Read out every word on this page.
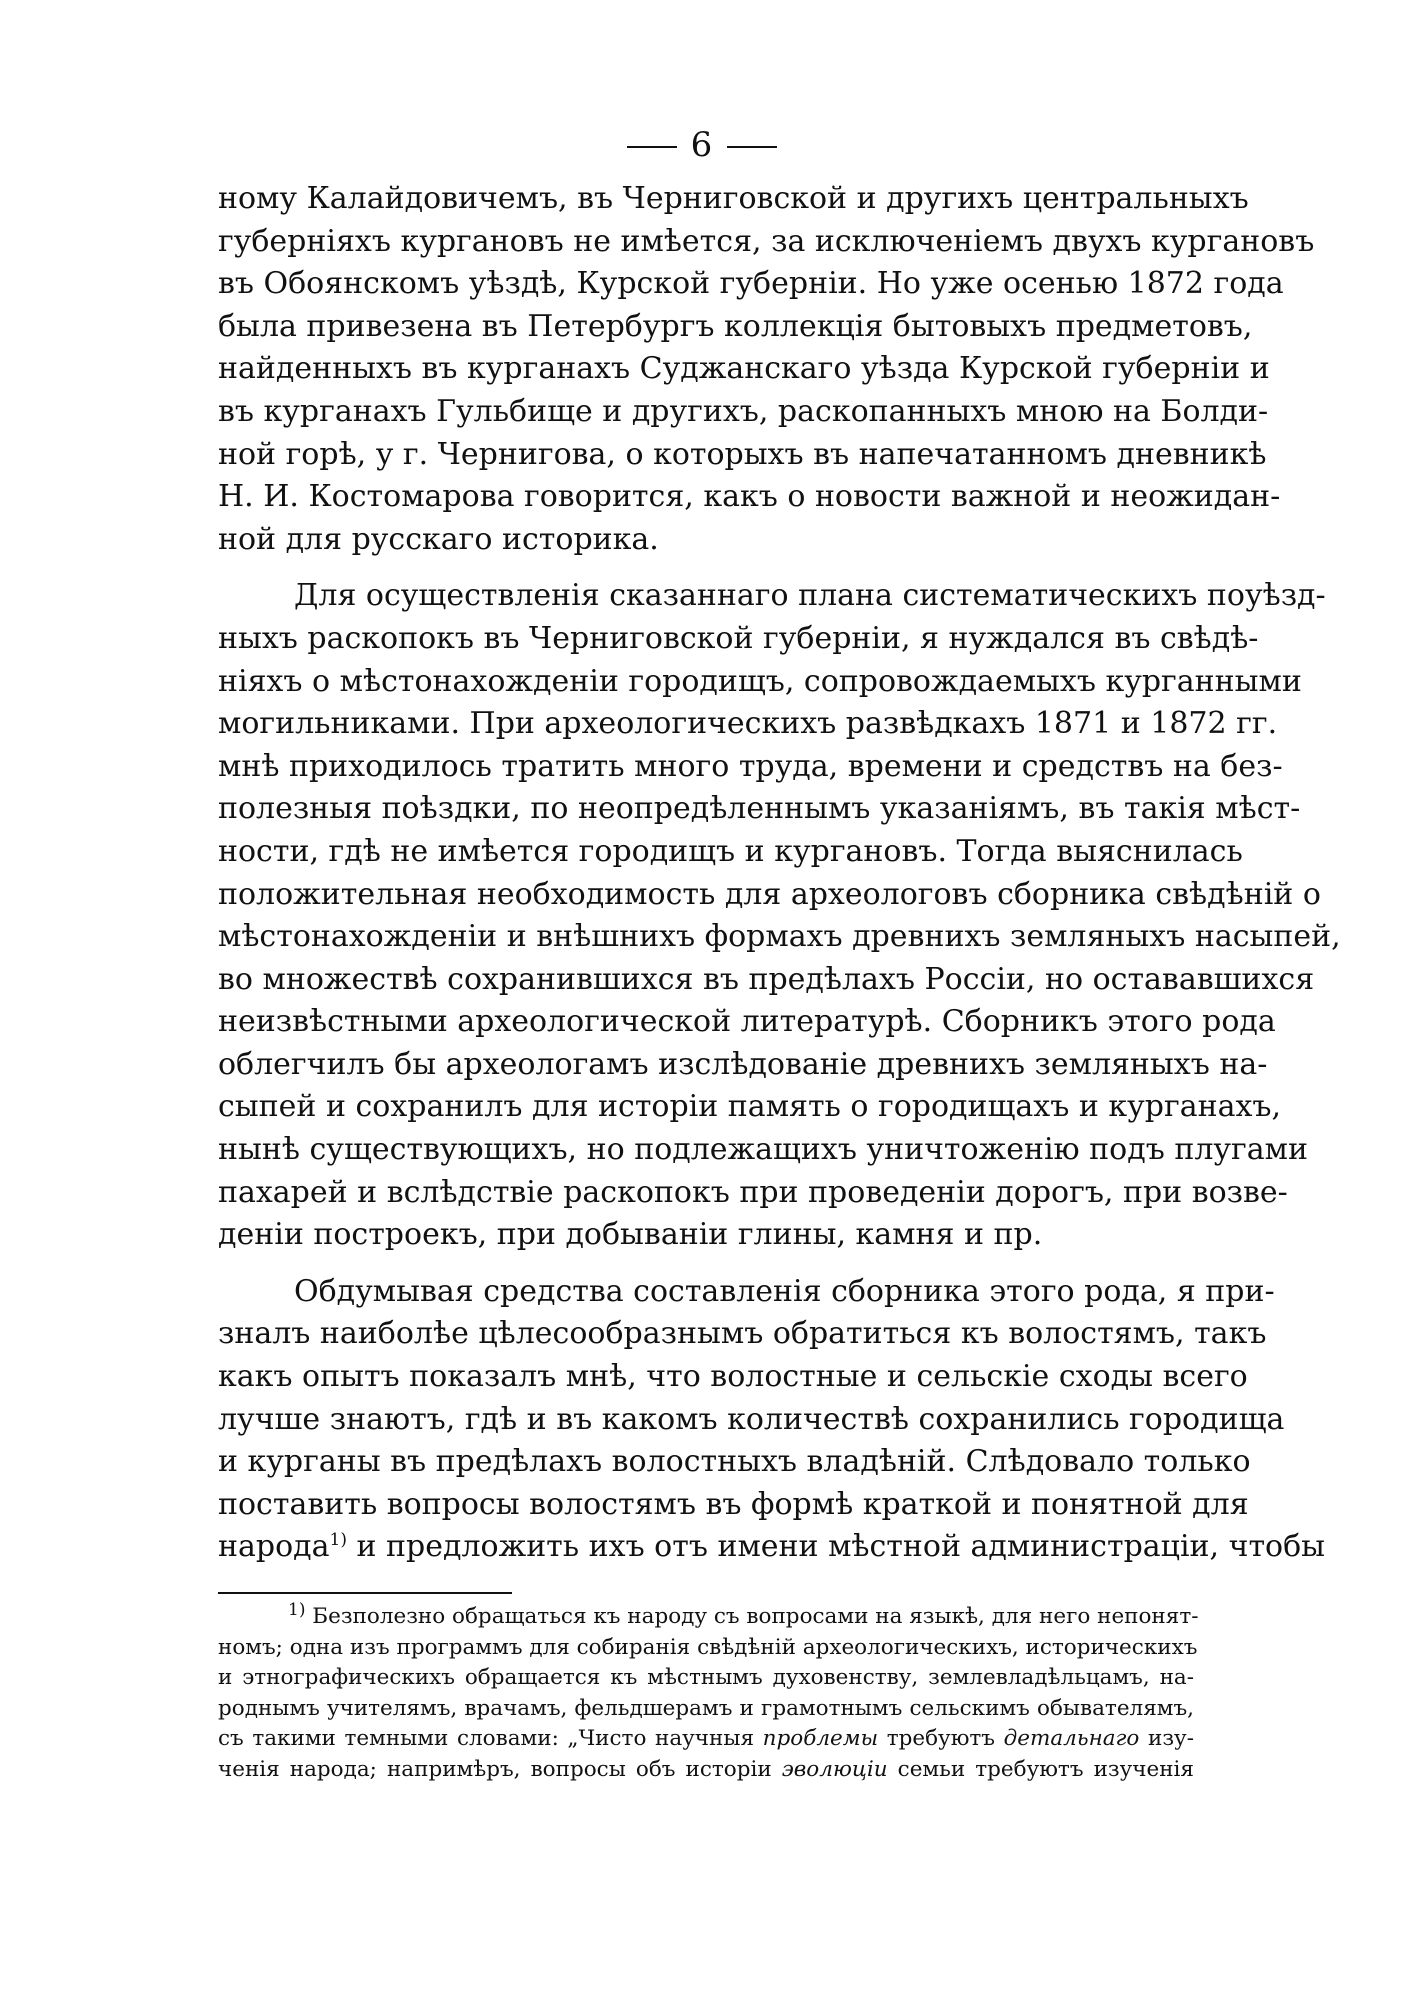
6
ному Калайдовичемъ, въ Черниговской и другихъ центральныхъ
губерніяхъ кургановъ не имѣется, за исключеніемъ двухъ кургановъ
въ Обоянскомъ уѣздѣ, Курской губерніи. Но уже осенью 1872 года
была привезена въ Петербургъ коллекція бытовыхъ предметовъ,
найденныхъ въ курганахъ Суджанскаго уѣзда Курской губерніи и
въ курганахъ Гульбище и другихъ, раскопанныхъ мною на Болди-
ной горѣ, у г. Чернигова, о которыхъ въ напечатанномъ дневникѣ
Н. И. Костомарова говорится, какъ о новости важной и неожидан-
ной для русскаго историка.
Для осуществленія сказаннаго плана систематическихъ поуѣзд-
ныхъ раскопокъ въ Черниговской губерніи, я нуждался въ свѣдѣ-
ніяхъ о мѣстонахожденіи городищъ, сопровождаемыхъ курганными
могильниками. При археологическихъ развѣдкахъ 1871 и 1872 гг.
мнѣ приходилось тратить много труда, времени и средствъ на без-
полезныя поѣздки, по неопредѣленнымъ указаніямъ, въ такія мѣст-
ности, гдѣ не имѣется городищъ и кургановъ. Тогда выяснилась
положительная необходимость для археологовъ сборника свѣдѣній о
мѣстонахожденіи и внѣшнихъ формахъ древнихъ земляныхъ насыпей,
во множествѣ сохранившихся въ предѣлахъ Россіи, но остававшихся
неизвѣстными археологической литературѣ. Сборникъ этого рода
облегчилъ бы археологамъ изслѣдованіе древнихъ земляныхъ на-
сыпей и сохранилъ для исторіи память о городищахъ и курганахъ,
нынѣ существующихъ, но подлежащихъ уничтоженію подъ плугами
пахарей и вслѣдствіе раскопокъ при проведеніи дорогъ, при возве-
деніи построекъ, при добываніи глины, камня и пр.
Обдумывая средства составленія сборника этого рода, я при-
зналъ наиболѣе цѣлесообразнымъ обратиться къ волостямъ, такъ
какъ опытъ показалъ мнѣ, что волостные и сельскіе сходы всего
лучше знаютъ, гдѣ и въ какомъ количествѣ сохранились городища
и курганы въ предѣлахъ волостныхъ владѣній. Слѣдовало только
поставить вопросы волостямъ въ формѣ краткой и понятной для
народа$^{1)}$ и предложить ихъ отъ имени мѣстной администраціи, чтобы
$^{1)}$ Безполезно обращаться къ народу съ вопросами на языкѣ, для него непонят-
номъ; одна изъ программъ для собиранія свѣдѣній археологическихъ, историческихъ
и этнографическихъ обращается къ мѣстнымъ духовенству, землевладѣльцамъ, на-
роднымъ учителямъ, врачамъ, фельдшерамъ и грамотнымъ сельскимъ обывателямъ,
съ такими темными словами: „Чисто научныя проблемы требуютъ детальнаго изу-
ченія народа; напримѣръ, вопросы объ исторіи эволюціи семьи требуютъ изученія
